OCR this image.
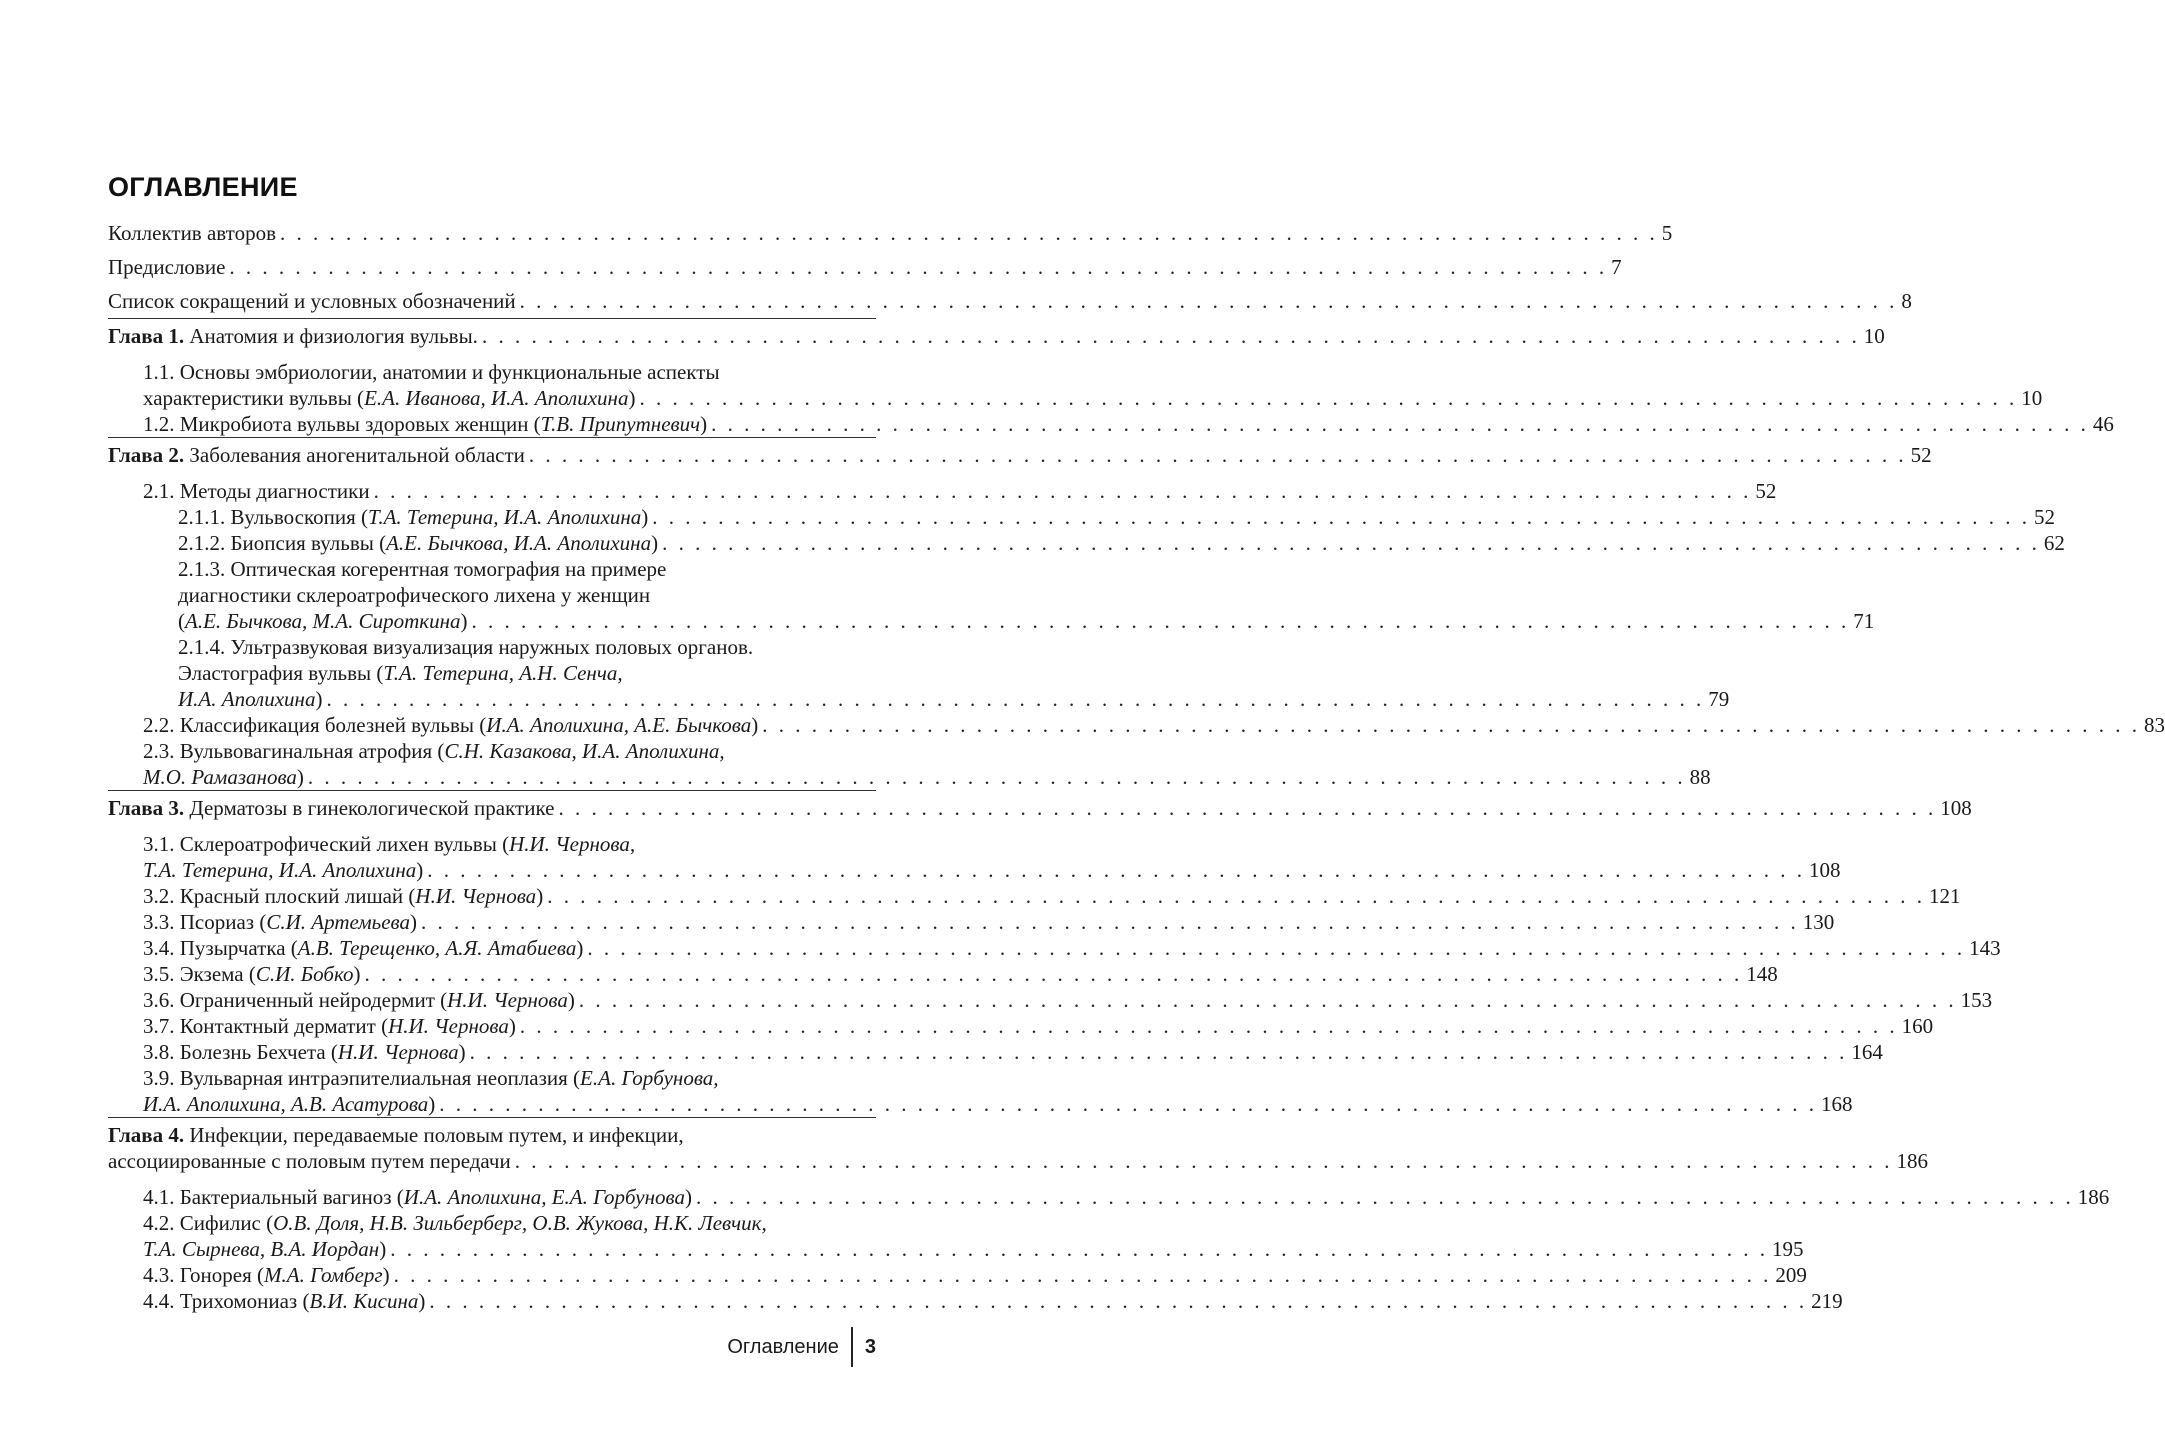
ОГЛАВЛЕНИЕ
Коллектив авторов . . . . . . . . . . . . . . . . . . . . . . . . . . . . . . . . . . . . . . . . . . . . . . . . . . . . . . . . . . . . . . . . . . . . . . . . . . . . . . . . . . . . 5
Предисловие . . . . . . . . . . . . . . . . . . . . . . . . . . . . . . . . . . . . . . . . . . . . . . . . . . . . . . . . . . . . . . . . . . . . . . . . . . . . . . . . . . . . 7
Список сокращений и условных обозначений . . . . . . . . . . . . . . . . . . . . . . . . . . . . . . . . . . . . . . . . . . . . . . . . . . . . . . . . . . . . . . . . . . . . . . . . . . . . . . . . . . . . 8
Глава 1. Анатомия и физиология вульвы. . . . . . . . . . . . . . . . . . . . . . . . . . . . . . . . . . . . . . . . . . . . . . . . . . . . . . . . . . . . . . . . . . . . . . . . . . . . . . . . . . . . . 10
1.1. Основы эмбриологии, анатомии и функциональные аспекты
характеристики вульвы (Е.А. Иванова, И.А. Аполихина) . . . . . . . . . . . . . . . . . . . . . . . . . . . . . . . . . . . . . . . . . . . . . . . . . . . . . . . . . . . . . . . . . . . . . . . . . . . . . . . . . . . . 10
1.2. Микробиота вульвы здоровых женщин (Т.В. Припутневич) . . . . . . . . . . . . . . . . . . . . . . . . . . . . . . . . . . . . . . . . . . . . . . . . . . . . . . . . . . . . . . . . . . . . . . . . . . . . . . . . . . . . 46
Глава 2. Заболевания аногенитальной области . . . . . . . . . . . . . . . . . . . . . . . . . . . . . . . . . . . . . . . . . . . . . . . . . . . . . . . . . . . . . . . . . . . . . . . . . . . . . . . . . . . . 52
2.1. Методы диагностики . . . . . . . . . . . . . . . . . . . . . . . . . . . . . . . . . . . . . . . . . . . . . . . . . . . . . . . . . . . . . . . . . . . . . . . . . . . . . . . . . . . . 52
2.1.1. Вульвоскопия (Т.А. Тетерина, И.А. Аполихина) . . . . . . . . . . . . . . . . . . . . . . . . . . . . . . . . . . . . . . . . . . . . . . . . . . . . . . . . . . . . . . . . . . . . . . . . . . . . . . . . . . . . 52
2.1.2. Биопсия вульвы (А.Е. Бычкова, И.А. Аполихина) . . . . . . . . . . . . . . . . . . . . . . . . . . . . . . . . . . . . . . . . . . . . . . . . . . . . . . . . . . . . . . . . . . . . . . . . . . . . . . . . . . . . 62
2.1.3. Оптическая когерентная томография на примере
диагностики склероатрофического лихена у женщин
(А.Е. Бычкова, М.А. Сироткина) . . . . . . . . . . . . . . . . . . . . . . . . . . . . . . . . . . . . . . . . . . . . . . . . . . . . . . . . . . . . . . . . . . . . . . . . . . . . . . . . . . . . 71
2.1.4. Ультразвуковая визуализация наружных половых органов.
Эластография вульвы (Т.А. Тетерина, А.Н. Сенча,
И.А. Аполихина) . . . . . . . . . . . . . . . . . . . . . . . . . . . . . . . . . . . . . . . . . . . . . . . . . . . . . . . . . . . . . . . . . . . . . . . . . . . . . . . . . . . . 79
2.2. Классификация болезней вульвы (И.А. Аполихина, А.Е. Бычкова) . . . . . . . . . . . . . . . . . . . . . . . . . . . . . . . . . . . . . . . . . . . . . . . . . . . . . . . . . . . . . . . . . . . . . . . . . . . . . . . . . . . . 83
2.3. Вульвовагинальная атрофия (С.Н. Казакова, И.А. Аполихина,
М.О. Рамазанова) . . . . . . . . . . . . . . . . . . . . . . . . . . . . . . . . . . . . . . . . . . . . . . . . . . . . . . . . . . . . . . . . . . . . . . . . . . . . . . . . . . . . 88
Глава 3. Дерматозы в гинекологической практике . . . . . . . . . . . . . . . . . . . . . . . . . . . . . . . . . . . . . . . . . . . . . . . . . . . . . . . . . . . . . . . . . . . . . . . . . . . . . . . . . . . . 108
3.1. Склероатрофический лихен вульвы (Н.И. Чернова,
Т.А. Тетерина, И.А. Аполихина) . . . . . . . . . . . . . . . . . . . . . . . . . . . . . . . . . . . . . . . . . . . . . . . . . . . . . . . . . . . . . . . . . . . . . . . . . . . . . . . . . . . . 108
3.2. Красный плоский лишай (Н.И. Чернова) . . . . . . . . . . . . . . . . . . . . . . . . . . . . . . . . . . . . . . . . . . . . . . . . . . . . . . . . . . . . . . . . . . . . . . . . . . . . . . . . . . . . 121
3.3. Псориаз (С.И. Артемьева) . . . . . . . . . . . . . . . . . . . . . . . . . . . . . . . . . . . . . . . . . . . . . . . . . . . . . . . . . . . . . . . . . . . . . . . . . . . . . . . . . . . . 130
3.4. Пузырчатка (А.В. Терещенко, А.Я. Атабиева) . . . . . . . . . . . . . . . . . . . . . . . . . . . . . . . . . . . . . . . . . . . . . . . . . . . . . . . . . . . . . . . . . . . . . . . . . . . . . . . . . . . . 143
3.5. Экзема (С.И. Бобко) . . . . . . . . . . . . . . . . . . . . . . . . . . . . . . . . . . . . . . . . . . . . . . . . . . . . . . . . . . . . . . . . . . . . . . . . . . . . . . . . . . . . 148
3.6. Ограниченный нейродермит (Н.И. Чернова) . . . . . . . . . . . . . . . . . . . . . . . . . . . . . . . . . . . . . . . . . . . . . . . . . . . . . . . . . . . . . . . . . . . . . . . . . . . . . . . . . . . . 153
3.7. Контактный дерматит (Н.И. Чернова) . . . . . . . . . . . . . . . . . . . . . . . . . . . . . . . . . . . . . . . . . . . . . . . . . . . . . . . . . . . . . . . . . . . . . . . . . . . . . . . . . . . . 160
3.8. Болезнь Бехчета (Н.И. Чернова) . . . . . . . . . . . . . . . . . . . . . . . . . . . . . . . . . . . . . . . . . . . . . . . . . . . . . . . . . . . . . . . . . . . . . . . . . . . . . . . . . . . . 164
3.9. Вульварная интраэпителиальная неоплазия (Е.А. Горбунова,
И.А. Аполихина, А.В. Асатурова) . . . . . . . . . . . . . . . . . . . . . . . . . . . . . . . . . . . . . . . . . . . . . . . . . . . . . . . . . . . . . . . . . . . . . . . . . . . . . . . . . . . . 168
Глава 4. Инфекции, передаваемые половым путем, и инфекции,
ассоциированные с половым путем передачи . . . . . . . . . . . . . . . . . . . . . . . . . . . . . . . . . . . . . . . . . . . . . . . . . . . . . . . . . . . . . . . . . . . . . . . . . . . . . . . . . . . . 186
4.1. Бактериальный вагиноз (И.А. Аполихина, Е.А. Горбунова) . . . . . . . . . . . . . . . . . . . . . . . . . . . . . . . . . . . . . . . . . . . . . . . . . . . . . . . . . . . . . . . . . . . . . . . . . . . . . . . . . . . . 186
4.2. Сифилис (О.В. Доля, Н.В. Зильберберг, О.В. Жукова, Н.К. Левчик,
Т.А. Сырнева, В.А. Иордан) . . . . . . . . . . . . . . . . . . . . . . . . . . . . . . . . . . . . . . . . . . . . . . . . . . . . . . . . . . . . . . . . . . . . . . . . . . . . . . . . . . . . 195
4.3. Гонорея (М.А. Гомберг) . . . . . . . . . . . . . . . . . . . . . . . . . . . . . . . . . . . . . . . . . . . . . . . . . . . . . . . . . . . . . . . . . . . . . . . . . . . . . . . . . . . . 209
4.4. Трихомониаз (В.И. Кисина) . . . . . . . . . . . . . . . . . . . . . . . . . . . . . . . . . . . . . . . . . . . . . . . . . . . . . . . . . . . . . . . . . . . . . . . . . . . . . . . . . . . . 219
Оглавление 3
